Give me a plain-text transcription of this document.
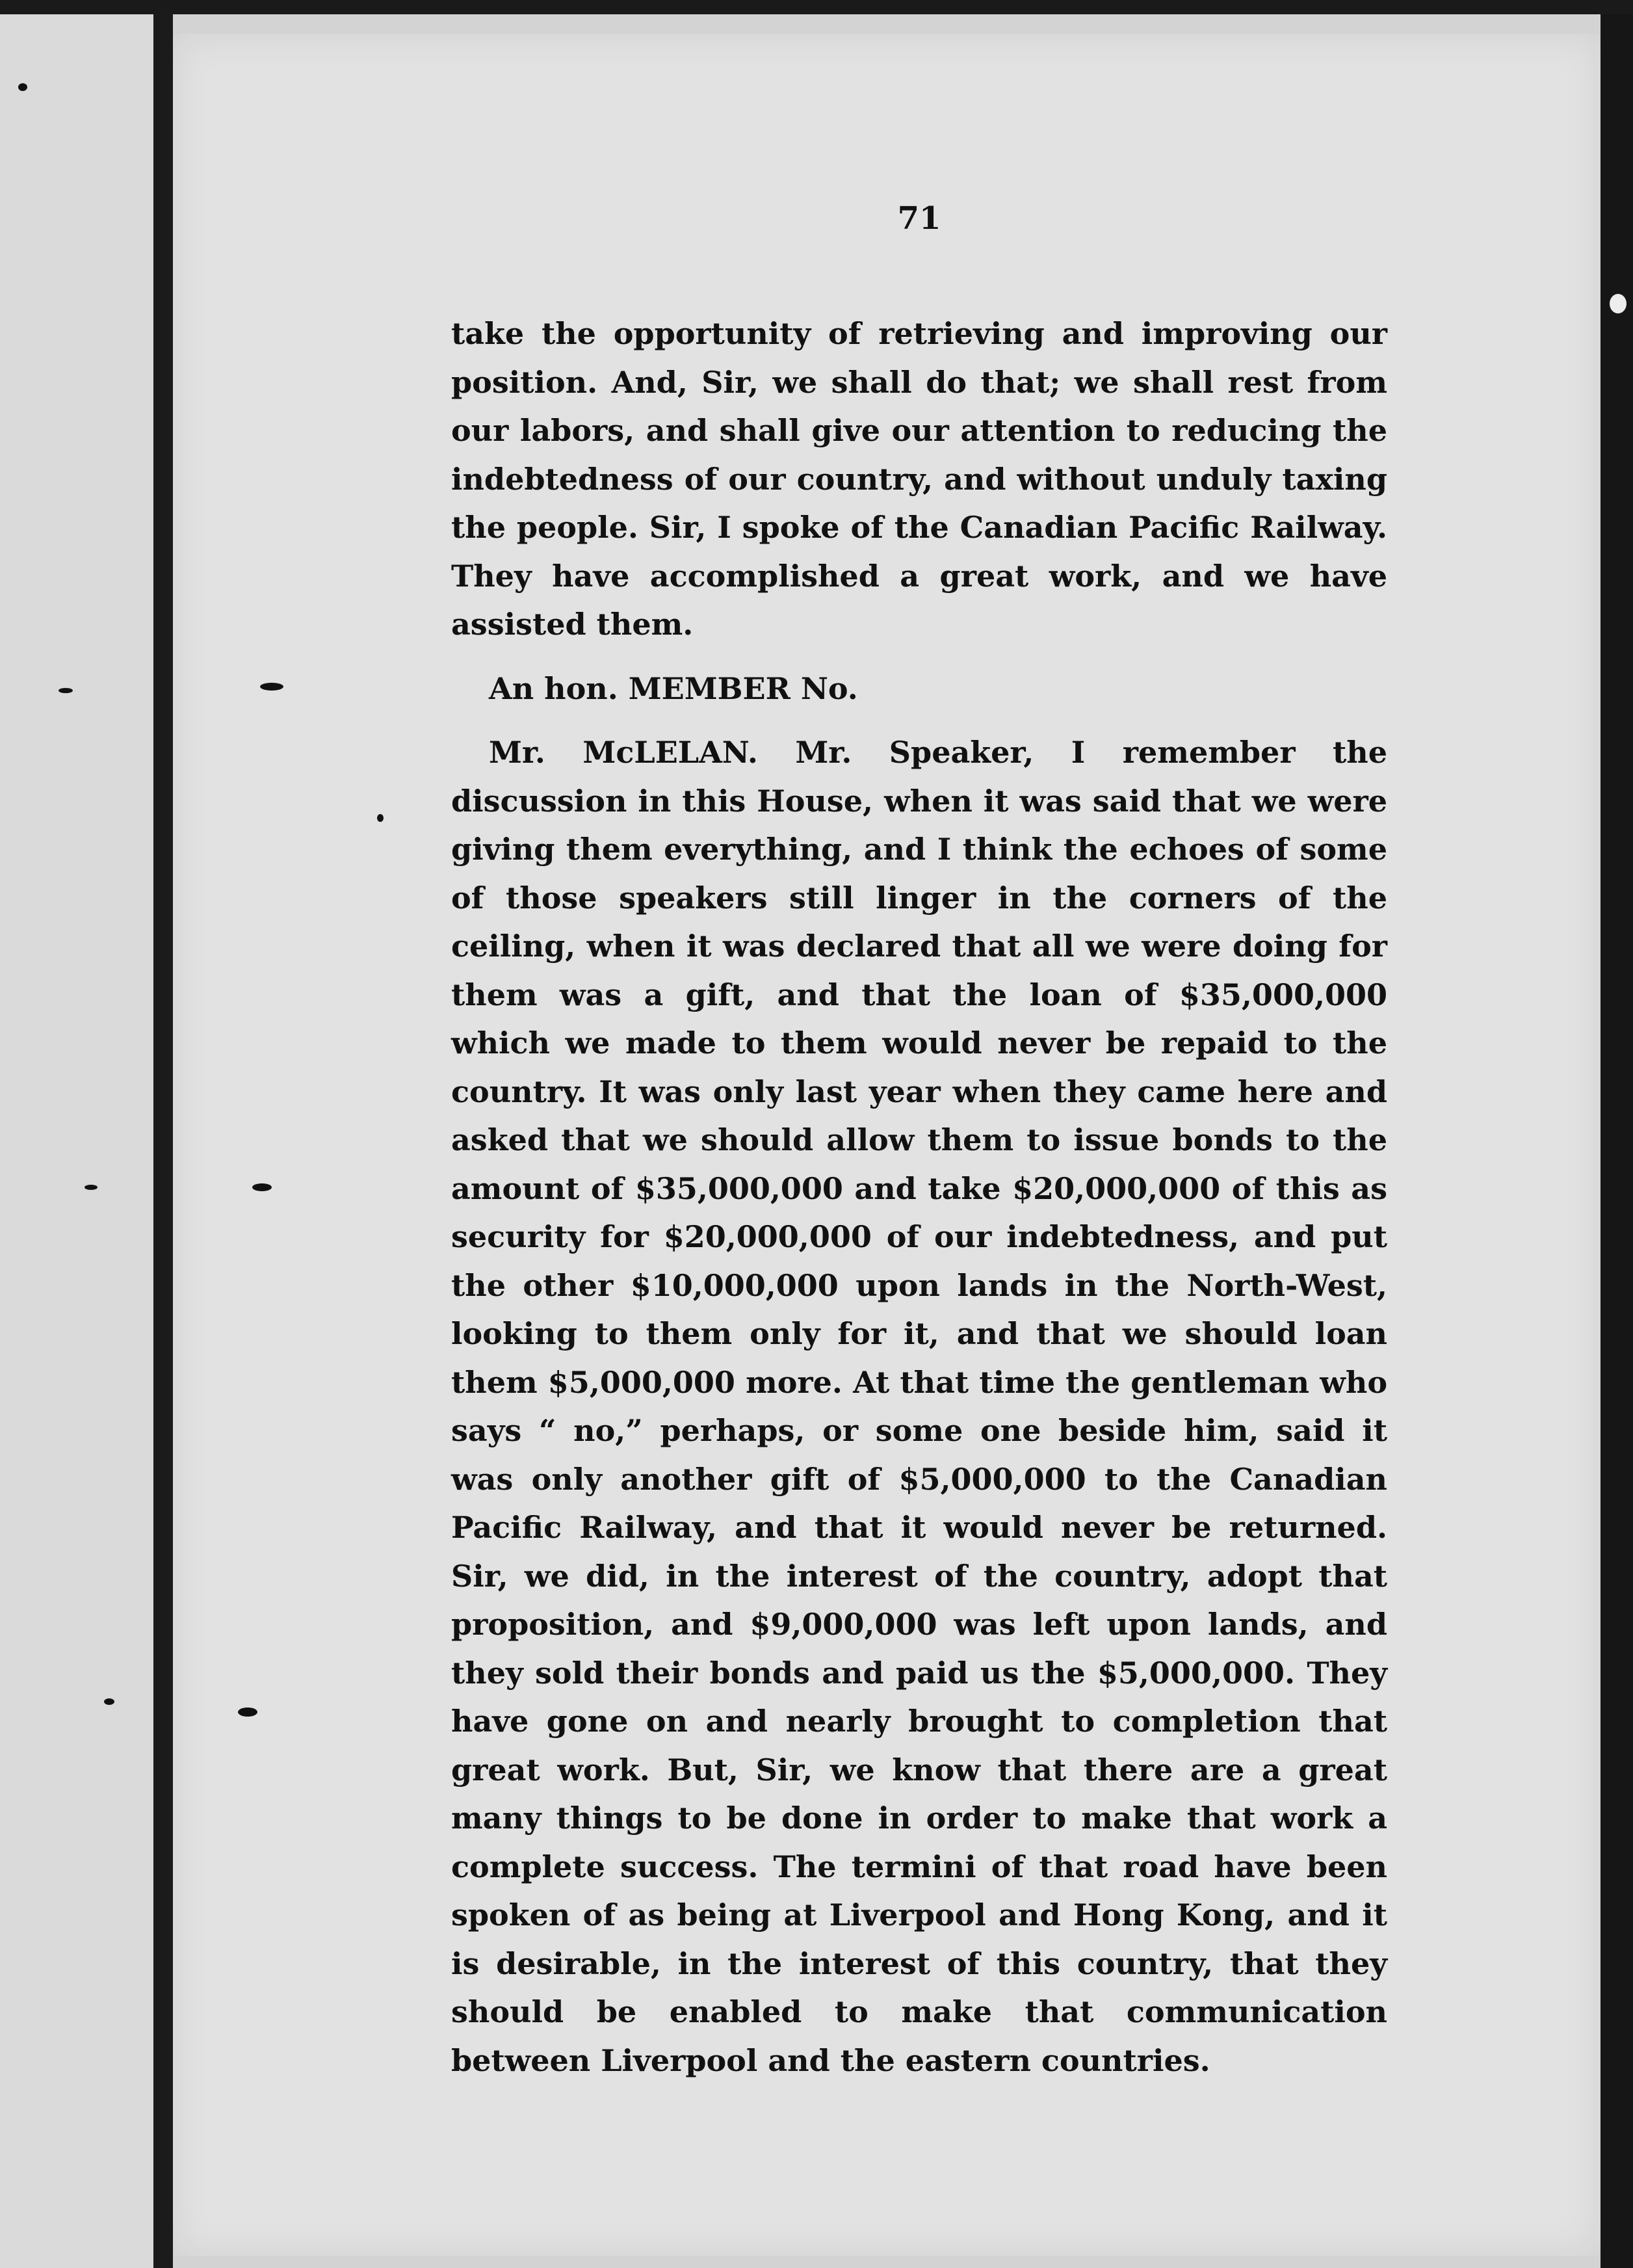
71

take the opportunity of retrieving and improving our position. And, Sir, we shall do that; we shall rest from our labors, and shall give our attention to reducing the indebtedness of our country, and without unduly taxing the people. Sir, I spoke of the Canadian Pacific Railway. They have accomplished a great work, and we have assisted them.

An hon. MEMBER No.

Mr. McLELAN. Mr. Speaker, I remember the discussion in this House, when it was said that we were giving them everything, and I think the echoes of some of those speakers still linger in the corners of the ceiling, when it was declared that all we were doing for them was a gift, and that the loan of $35,000,000 which we made to them would never be repaid to the country. It was only last year when they came here and asked that we should allow them to issue bonds to the amount of $35,000,000 and take $20,000,000 of this as security for $20,000,000 of our indebtedness, and put the other $10,000,000 upon lands in the North-West, looking to them only for it, and that we should loan them $5,000,000 more. At that time the gentleman who says “ no,” perhaps, or some one beside him, said it was only another gift of $5,000,000 to the Canadian Pacific Railway, and that it would never be returned. Sir, we did, in the interest of the country, adopt that proposition, and $9,000,000 was left upon lands, and they sold their bonds and paid us the $5,000,000. They have gone on and nearly brought to completion that great work. But, Sir, we know that there are a great many things to be done in order to make that work a complete success. The termini of that road have been spoken of as being at Liverpool and Hong Kong, and it is desirable, in the interest of this country, that they should be enabled to make that communication between Liverpool and the eastern countries.
